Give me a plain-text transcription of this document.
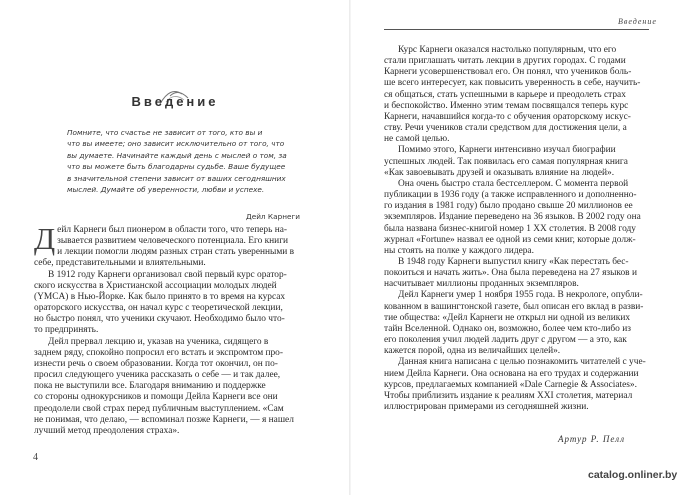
Введение
Помните, что счастье не зависит от того, кто вы и
что вы имеете; оно зависит исключительно от того, что
вы думаете. Начинайте каждый день с мыслей о том, за
что вы можете быть благодарны судьбе. Ваше будущее
в значительной степени зависит от ваших сегодняшних
мыслей. Думайте об уверенности, любви и успехе.
Дейл Карнеги
Д ейл Карнеги был пионером в области того, что теперь на-
зывается развитием человеческого потенциала. Его книги
и лекции помогли людям разных стран стать уверенными в
себе, представительными и влиятельными.
В 1912 году Карнеги организовал свой первый курс оратор-
ского искусства в Христианской ассоциации молодых людей
(YMCA) в Нью-Йорке. Как было принято в то время на курсах
ораторского искусства, он начал курс с теоретической лекции,
но быстро понял, что ученики скучают. Необходимо было что-
то предпринять.
Дейл прервал лекцию и, указав на ученика, сидящего в
заднем ряду, спокойно попросил его встать и экспромтом про-
изнести речь о своем образовании. Когда тот окончил, он по-
просил следующего ученика рассказать о себе — и так далее,
пока не выступили все. Благодаря вниманию и поддержке
со стороны однокурсников и помощи Дейла Карнеги все они
преодолели свой страх перед публичным выступлением. «Сам
не понимая, что делаю, — вспоминал позже Карнеги, — я нашел
лучший метод преодоления страха».
4
Введение
Курс Карнеги оказался настолько популярным, что его
стали приглашать читать лекции в других городах. С годами
Карнеги усовершенствовал его. Он понял, что учеников боль-
ше всего интересует, как повысить уверенность в себе, научить-
ся общаться, стать успешными в карьере и преодолеть страх
и беспокойство. Именно этим темам посвящался теперь курс
Карнеги, начавшийся когда-то с обучения ораторскому искус-
ству. Речи учеников стали средством для достижения цели, а
не самой целью.
Помимо этого, Карнеги интенсивно изучал биографии
успешных людей. Так появилась его самая популярная книга
«Как завоевывать друзей и оказывать влияние на людей».
Она очень быстро стала бестселлером. С момента первой
публикации в 1936 году (а также исправленного и дополненно-
го издания в 1981 году) было продано свыше 20 миллионов ее
экземпляров. Издание переведено на 36 языков. В 2002 году она
была названа бизнес-книгой номер 1 XX столетия. В 2008 году
журнал «Fortune» назвал ее одной из семи книг, которые долж-
ны стоять на полке у каждого лидера.
В 1948 году Карнеги выпустил книгу «Как перестать бес-
покоиться и начать жить». Она была переведена на 27 языков и
насчитывает миллионы проданных экземпляров.
Дейл Карнеги умер 1 ноября 1955 года. В некрологе, опубли-
кованном в вашингтонской газете, был описан его вклад в разви-
тие общества: «Дейл Карнеги не открыл ни одной из великих
тайн Вселенной. Однако он, возможно, более чем кто-либо из
его поколения учил людей ладить друг с другом — а это, как
кажется порой, одна из величайших целей».
Данная книга написана с целью познакомить читателей с уче-
нием Дейла Карнеги. Она основана на его трудах и содержании
курсов, предлагаемых компанией «Dale Carnegie & Associates».
Чтобы приблизить издание к реалиям XXI столетия, материал
иллюстрирован примерами из сегодняшней жизни.
Артур Р. Пелл
catalog.onliner.by
